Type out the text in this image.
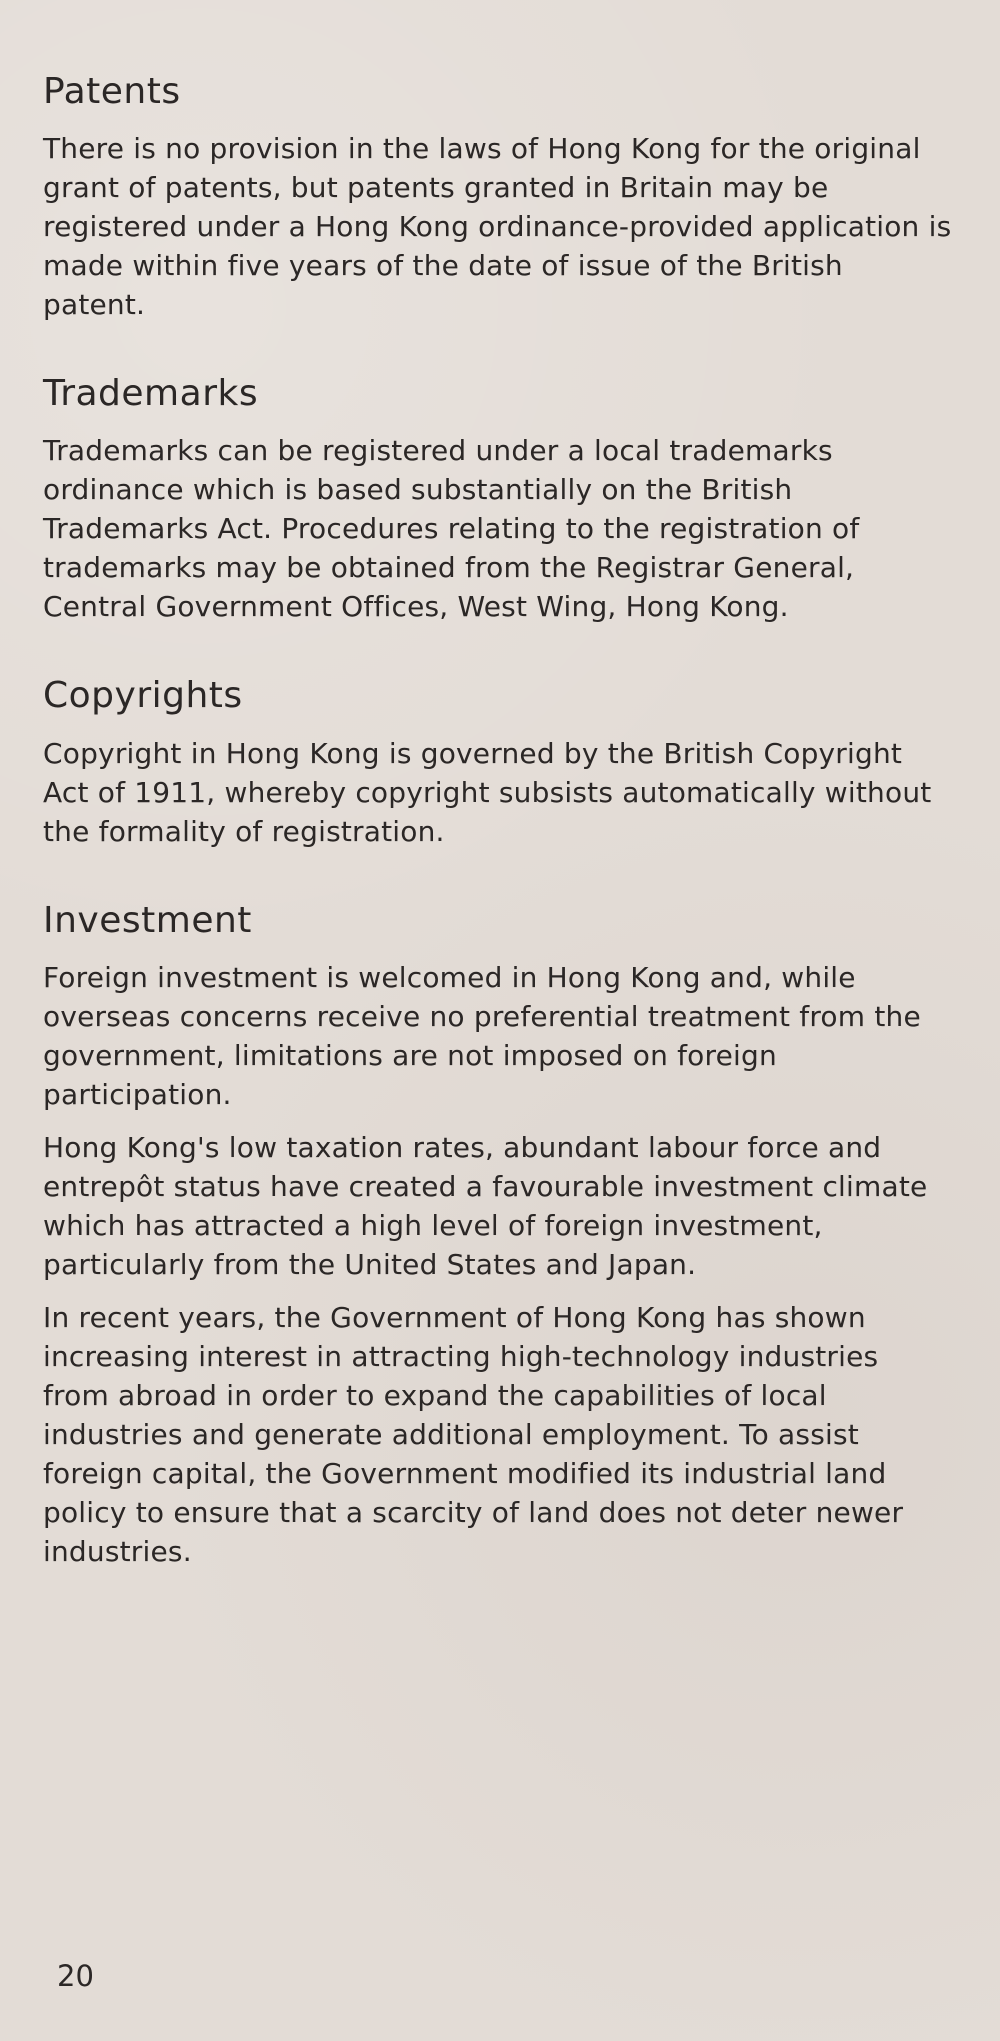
Patents

There is no provision in the laws of Hong Kong for the original grant of patents, but patents granted in Britain may be registered under a Hong Kong ordinance-provided application is made within five years of the date of issue of the British patent.

Trademarks

Trademarks can be registered under a local trademarks ordinance which is based substantially on the British Trademarks Act. Procedures relating to the registration of trademarks may be obtained from the Registrar General, Central Government Offices, West Wing, Hong Kong.

Copyrights

Copyright in Hong Kong is governed by the British Copyright Act of 1911, whereby copyright subsists automatically without the formality of registration.

Investment

Foreign investment is welcomed in Hong Kong and, while overseas concerns receive no preferential treatment from the government, limitations are not imposed on foreign participation.

Hong Kong's low taxation rates, abundant labour force and entrepôt status have created a favourable investment climate which has attracted a high level of foreign investment, particularly from the United States and Japan.

In recent years, the Government of Hong Kong has shown increasing interest in attracting high-technology industries from abroad in order to expand the capabilities of local industries and generate additional employment. To assist foreign capital, the Government modified its industrial land policy to ensure that a scarcity of land does not deter newer industries.

20
